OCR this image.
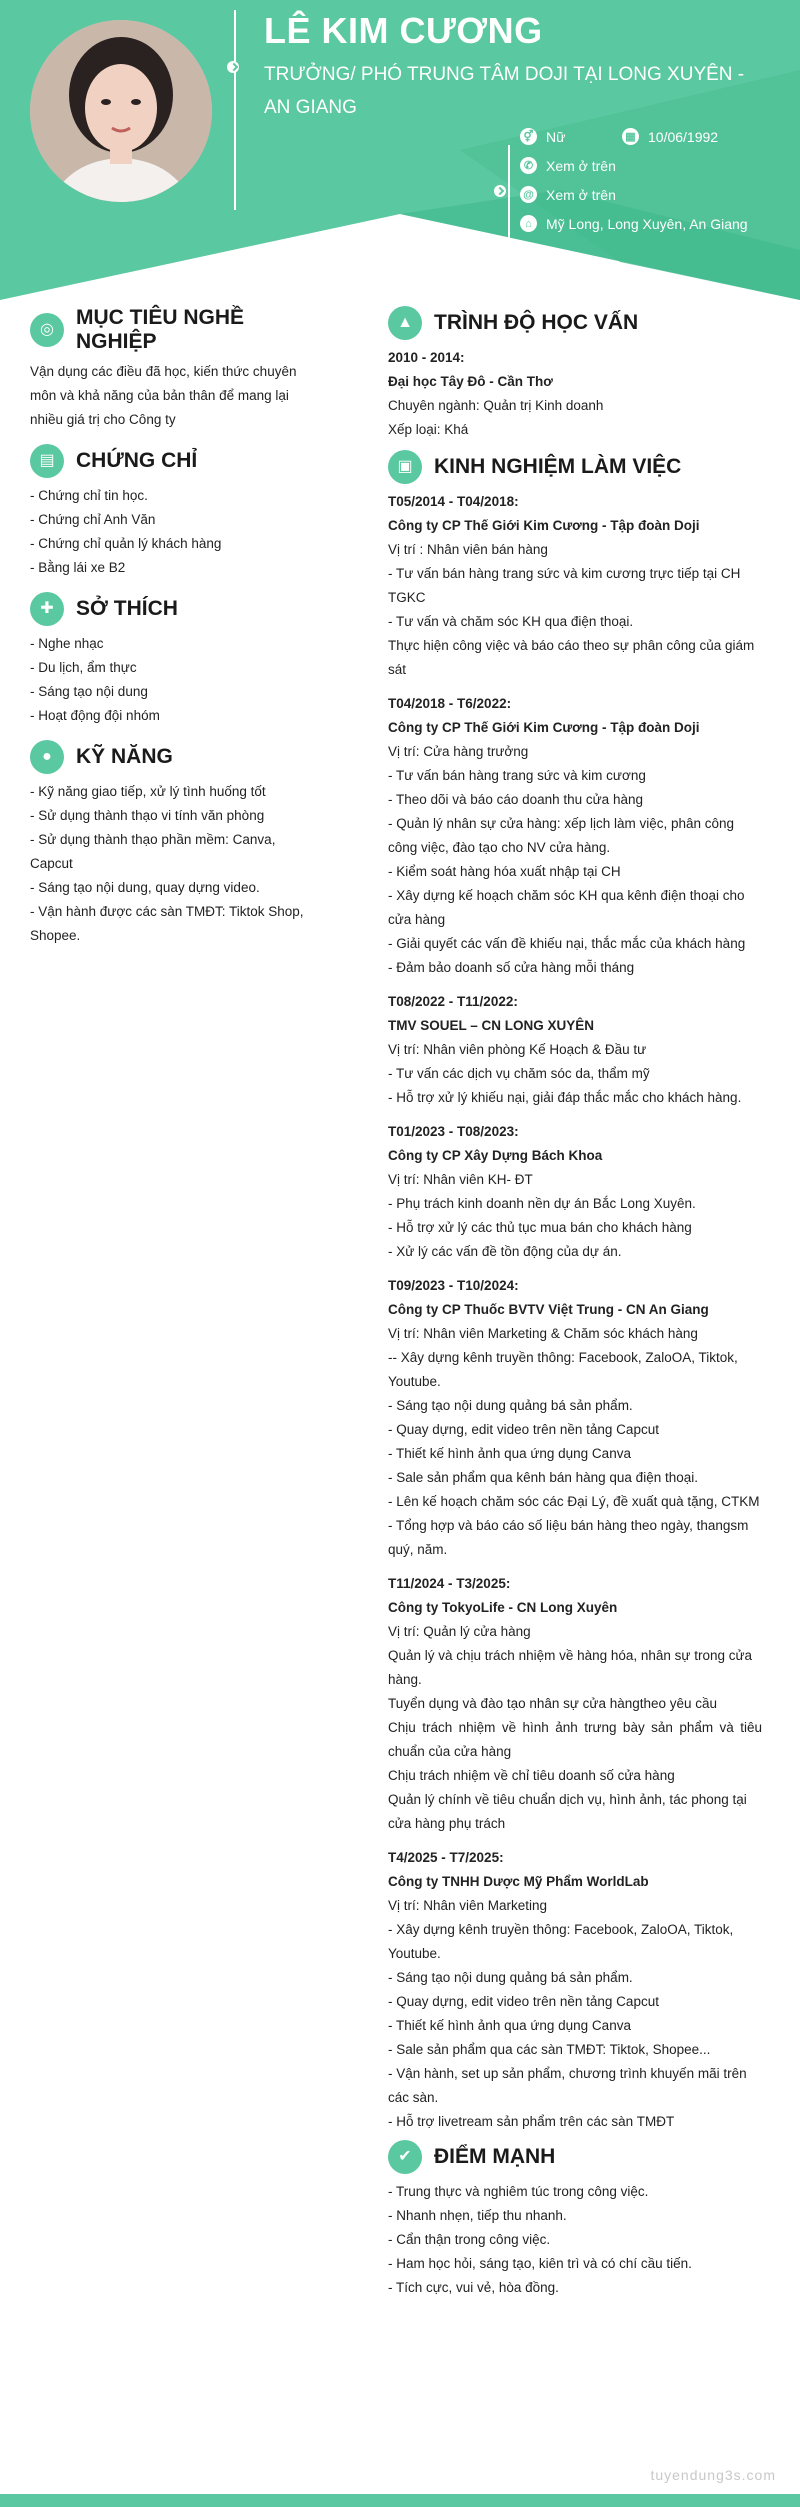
LÊ KIM CƯƠNG
TRƯỞNG/ PHÓ TRUNG TÂM DOJI TẠI LONG XUYÊN - AN GIANG
⚥ Nữ	▦ 10/06/1992
✆ Xem ở trên
@ Xem ở trên
⌂	Mỹ Long, Long Xuyên, An Giang
◎
MỤC TIÊU NGHỀ NGHIỆP
Vận dụng các điều đã học, kiến thức chuyên môn và khả năng của bản thân để mang lại nhiều giá trị cho Công ty
▤ CHỨNG CHỈ
- Chứng chỉ tin học.
- Chứng chỉ Anh Văn
- Chứng chỉ quản lý khách hàng
- Bằng lái xe B2
✚ SỞ THÍCH
- Nghe nhạc
- Du lịch, ẩm thực
- Sáng tạo nội dung
- Hoạt động đội nhóm
● KỸ NĂNG
- Kỹ năng giao tiếp, xử lý tình huống tốt
- Sử dụng thành thạo vi tính văn phòng
- Sử dụng thành thạo phần mềm: Canva, Capcut
- Sáng tạo nội dung, quay dựng video.
- Vận hành được các sàn TMĐT: Tiktok Shop, Shopee.
▲ TRÌNH ĐỘ HỌC VẤN
2010 - 2014:
Đại học Tây Đô - Cần Thơ
Chuyên ngành: Quản trị Kinh doanh
Xếp loại: Khá
▣ KINH NGHIỆM LÀM VIỆC
T05/2014 - T04/2018:
Công ty CP Thế Giới Kim Cương - Tập đoàn Doji
Vị trí : Nhân viên bán hàng
- Tư vấn bán hàng trang sức và kim cương trực tiếp tại CH TGKC
- Tư vấn và chăm sóc KH qua điện thoại.
Thực hiện công việc và báo cáo theo sự phân công của giám sát
T04/2018 - T6/2022:
Công ty CP Thế Giới Kim Cương - Tập đoàn Doji
Vị trí: Cửa hàng trưởng
- Tư vấn bán hàng trang sức và kim cương
- Theo dõi và báo cáo doanh thu cửa hàng
- Quản lý nhân sự cửa hàng: xếp lịch làm việc, phân công công việc, đào tạo cho NV cửa hàng.
- Kiểm soát hàng hóa xuất nhập tại CH
- Xây dựng kế hoạch chăm sóc KH qua kênh điện thoại cho cửa hàng
- Giải quyết các vấn đề khiếu nại, thắc mắc của khách hàng
- Đảm bảo doanh số cửa hàng mỗi tháng
T08/2022 - T11/2022:
TMV SOUEL – CN LONG XUYÊN
Vị trí: Nhân viên phòng Kế Hoạch & Đầu tư
- Tư vấn các dịch vụ chăm sóc da, thẩm mỹ
- Hỗ trợ xử lý khiếu nại, giải đáp thắc mắc cho khách hàng.
T01/2023 - T08/2023:
Công ty CP Xây Dựng Bách Khoa
Vị trí: Nhân viên KH- ĐT
- Phụ trách kinh doanh nền dự án Bắc Long Xuyên.
- Hỗ trợ xử lý các thủ tục mua bán cho khách hàng
- Xử lý các vấn đề tồn động của dự án.
T09/2023 - T10/2024:
Công ty CP Thuốc BVTV Việt Trung - CN An Giang
Vị trí: Nhân viên Marketing & Chăm sóc khách hàng
-- Xây dựng kênh truyền thông: Facebook, ZaloOA, Tiktok, Youtube.
- Sáng tạo nội dung quảng bá sản phẩm.
- Quay dựng, edit video trên nền tảng Capcut
- Thiết kế hình ảnh qua ứng dụng Canva
- Sale sản phẩm qua kênh bán hàng qua điện thoại.
- Lên kế hoạch chăm sóc các Đại Lý, đề xuất quà tặng, CTKM
- Tổng hợp và báo cáo số liệu bán hàng theo ngày, thangsm quý, năm.
T11/2024 - T3/2025:
Công ty TokyoLife - CN Long Xuyên
Vị trí: Quản lý cửa hàng
Quản lý và chịu trách nhiệm về hàng hóa, nhân sự trong cửa hàng.
Tuyển dụng và đào tạo nhân sự cửa hàngtheo yêu cầu
Chịu trách nhiệm về hình ảnh trưng bày sản phẩm và tiêu chuẩn của cửa hàng
Chịu trách nhiệm về chỉ tiêu doanh số cửa hàng
Quản lý chính về tiêu chuẩn dịch vụ, hình ảnh, tác phong tại cửa hàng phụ trách
T4/2025 - T7/2025:
Công ty TNHH Dược Mỹ Phẩm WorldLab
Vị trí: Nhân viên Marketing
- Xây dựng kênh truyền thông: Facebook, ZaloOA, Tiktok, Youtube.
- Sáng tạo nội dung quảng bá sản phẩm.
- Quay dựng, edit video trên nền tảng Capcut
- Thiết kế hình ảnh qua ứng dụng Canva
- Sale sản phẩm qua các sàn TMĐT: Tiktok, Shopee...
- Vận hành, set up sản phẩm, chương trình khuyến mãi trên các sàn.
- Hỗ trợ livetream sản phẩm trên các sàn TMĐT
✔ ĐIỂM MẠNH
- Trung thực và nghiêm túc trong công việc.
- Nhanh nhẹn, tiếp thu nhanh.
- Cẩn thận trong công việc.
- Ham học hỏi, sáng tạo, kiên trì và có chí cầu tiến.
- Tích cực, vui vẻ, hòa đồng.
tuyendung3s.com
